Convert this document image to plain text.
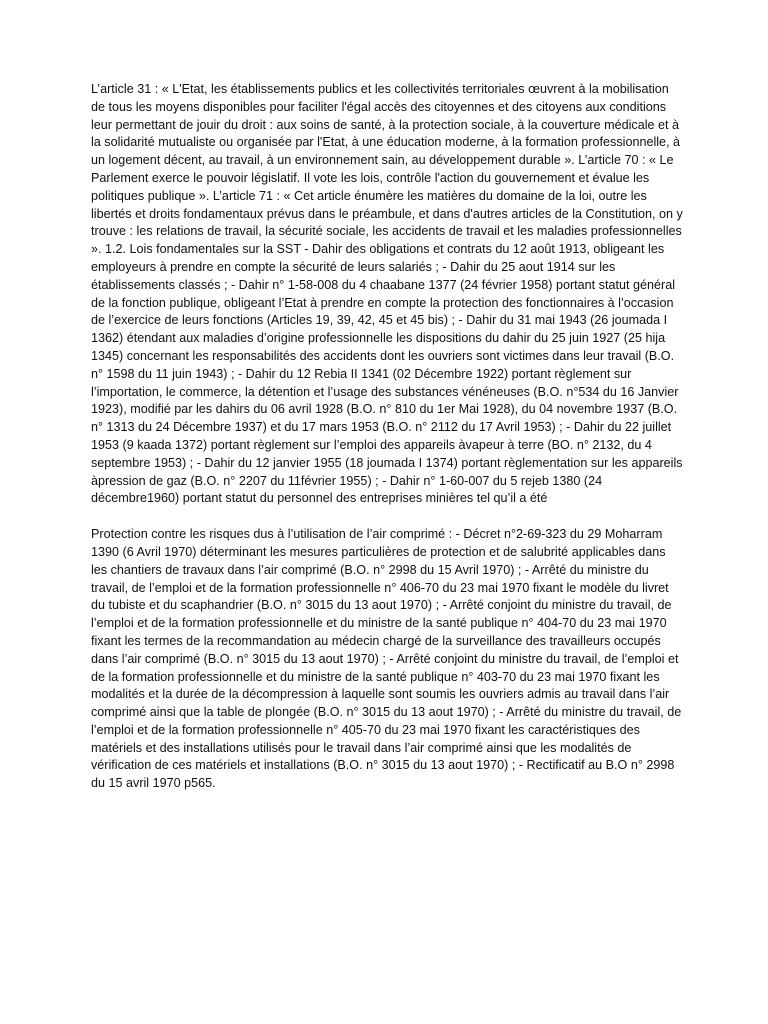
L’article 31 : « L'Etat, les établissements publics et les collectivités territoriales œuvrent à la mobilisation de tous les moyens disponibles pour faciliter l'égal accès des citoyennes et des citoyens aux conditions leur permettant de jouir du droit : aux soins de santé, à la protection sociale, à la couverture médicale et à la solidarité mutualiste ou organisée par l'Etat, à une éducation moderne, à la formation professionnelle, à un logement décent, au travail, à un environnement sain, au développement durable ». L’article 70 : « Le Parlement exerce le pouvoir législatif. Il vote les lois, contrôle l'action du gouvernement et évalue les politiques publique ». L’article 71 : « Cet article énumère les matières du domaine de la loi, outre les libertés et droits fondamentaux prévus dans le préambule, et dans d'autres articles de la Constitution, on y trouve : les relations de travail, la sécurité sociale, les accidents de travail et les maladies professionnelles ». 1.2. Lois fondamentales sur la SST - Dahir des obligations et contrats du 12 août 1913, obligeant les employeurs à prendre en compte la sécurité de leurs salariés ; - Dahir du 25 aout 1914 sur les établissements classés ; - Dahir n° 1-58-008 du 4 chaabane 1377 (24 février 1958) portant statut général de la fonction publique, obligeant l’Etat à prendre en compte la protection des fonctionnaires à l’occasion de l’exercice de leurs fonctions (Articles 19, 39, 42, 45 et 45 bis) ; - Dahir du 31 mai 1943 (26 joumada I 1362) étendant aux maladies d’origine professionnelle les dispositions du dahir du 25 juin 1927 (25 hija 1345) concernant les responsabilités des accidents dont les ouvriers sont victimes dans leur travail (B.O. n° 1598 du 11 juin 1943) ; - Dahir du 12 Rebia II 1341 (02 Décembre 1922) portant règlement sur l’importation, le commerce, la détention et l’usage des substances vénéneuses (B.O. n°534 du 16 Janvier 1923), modifié par les dahirs du 06 avril 1928 (B.O. n° 810 du 1er Mai 1928), du 04 novembre 1937 (B.O. n° 1313 du 24 Décembre 1937) et du 17 mars 1953 (B.O. n° 2112 du 17 Avril 1953) ; - Dahir du 22 juillet 1953 (9 kaada 1372) portant règlement sur l’emploi des appareils àvapeur à terre (BO. n° 2132, du 4 septembre 1953) ; - Dahir du 12 janvier 1955 (18 joumada I 1374) portant règlementation sur les appareils àpression de gaz (B.O. n° 2207 du 11février 1955) ; - Dahir n° 1-60-007 du 5 rejeb 1380 (24 décembre1960) portant statut du personnel des entreprises minières tel qu’il a été

Protection contre les risques dus à l’utilisation de l’air comprimé : - Décret n°2-69-323 du 29 Moharram 1390 (6 Avril 1970) déterminant les mesures particulières de protection et de salubrité applicables dans les chantiers de travaux dans l’air comprimé (B.O. n° 2998 du 15 Avril 1970) ; - Arrêté du ministre du travail, de l’emploi et de la formation professionnelle n° 406-70 du 23 mai 1970 fixant le modèle du livret du tubiste et du scaphandrier (B.O. n° 3015 du 13 aout 1970) ; - Arrêté conjoint du ministre du travail, de l’emploi et de la formation professionnelle et du ministre de la santé publique n° 404-70 du 23 mai 1970 fixant les termes de la recommandation au médecin chargé de la surveillance des travailleurs occupés dans l’air comprimé (B.O. n° 3015 du 13 aout 1970) ; - Arrêté conjoint du ministre du travail, de l’emploi et de la formation professionnelle et du ministre de la santé publique n° 403-70 du 23 mai 1970 fixant les modalités et la durée de la décompression à laquelle sont soumis les ouvriers admis au travail dans l’air comprimé ainsi que la table de plongée (B.O. n° 3015 du 13 aout 1970) ; - Arrêté du ministre du travail, de l’emploi et de la formation professionnelle n° 405-70 du 23 mai 1970 fixant les caractéristiques des matériels et des installations utilisés pour le travail dans l’air comprimé ainsi que les modalités de vérification de ces matériels et installations (B.O. n° 3015 du 13 aout 1970) ; - Rectificatif au B.O n° 2998 du 15 avril 1970 p565.
